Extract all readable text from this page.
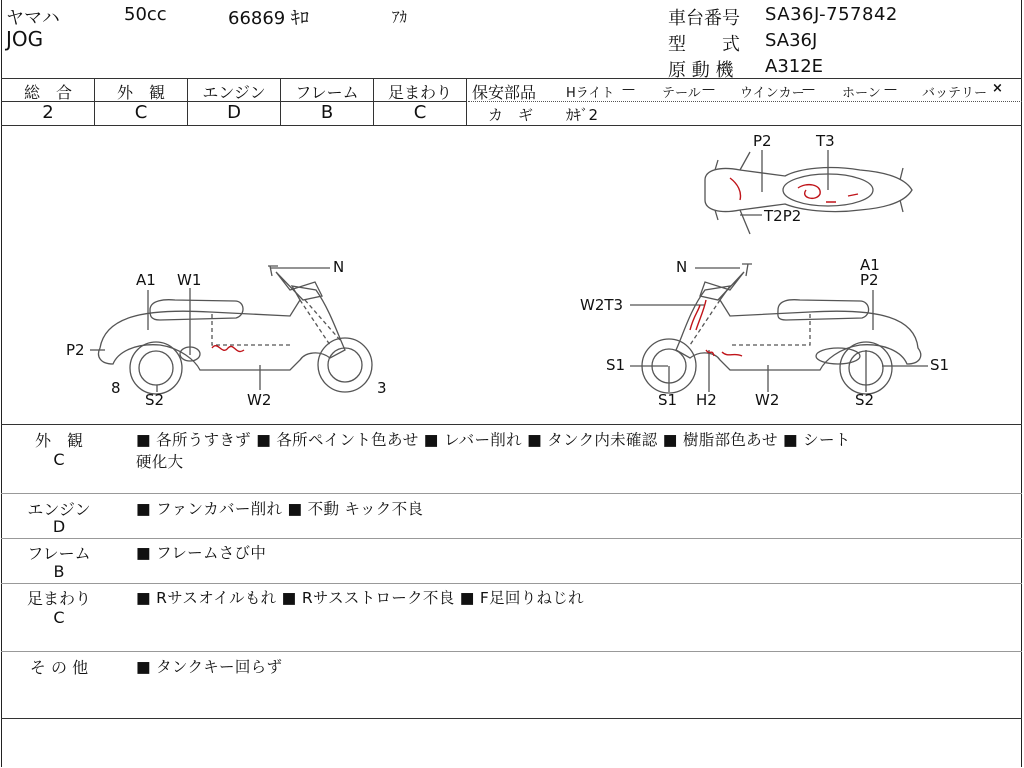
ヤマハ	50cc	66869 ｷﾛ	ｱｶ
JOG
車台番号 SA36J-757842
型　　式 SA36J
原 動 機 A312E
総　合	外　観	エンジン	フレーム	足まわり
2	C	D	B	C
保安部品 Hライト — テール — ウインカー
— ホーン — バッテリー ×
カ　ギ ｶｷﾞ2
A1 W1
N
P2
8
S2	W2
3
N	A1
P2
W2T3
S1	S1
H2	W2	S2
S1
P2	T3
T2P2
外　観
C
■ 各所うすきず ■ 各所ペイント色あせ ■ レバー削れ ■ タンク内未確認 ■ 樹脂部色あせ ■ シート
硬化大
エンジン
D
■ ファンカバー削れ ■ 不動 キック不良
フレーム
B
■ フレームさび中
足まわり
C
■ Rサスオイルもれ ■ Rサスストローク不良 ■ F足回りねじれ
そ の 他	■ タンクキー回らず
